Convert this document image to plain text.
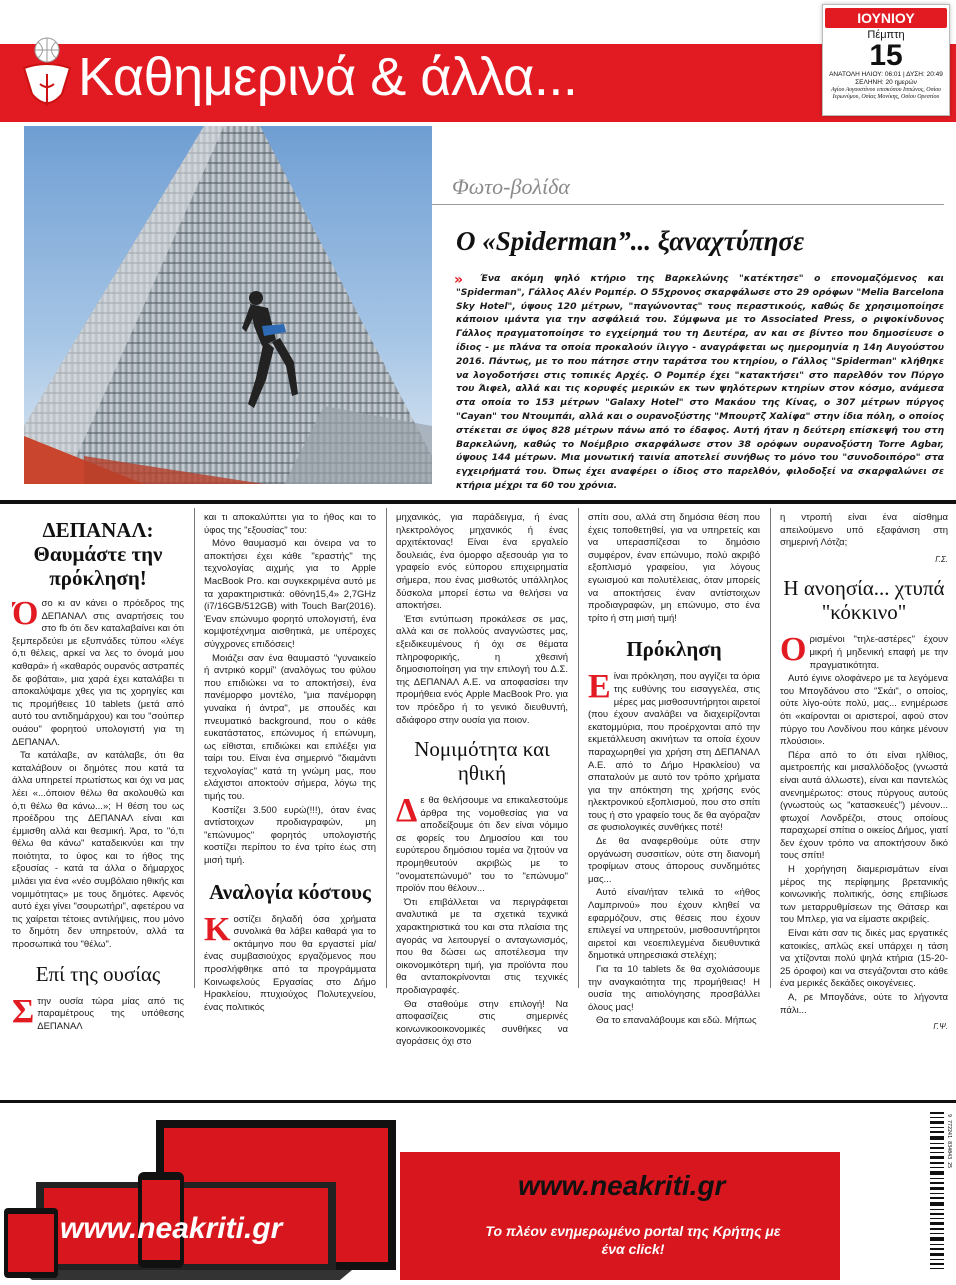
Καθημερινά & άλλα...
ΙΟΥΝΙΟΥ
Πέμπτη
15
ΑΝΑΤΟΛΗ ΗΛΙΟΥ: 06:01 | ΔΥΣΗ: 20:49
ΣΕΛΗΝΗ: 20 ημερών
Αγίου Αυγουστίνου επισκόπου Ιππώνος, Οσίου Ιερωνύμου, Οσίας Μονίκης, Οσίου Ορεστίου
Φωτο-βολίδα
O «Spiderman”... ξαναχτύπησε
»	Ένα ακόμη ψηλό κτήριο της Βαρκελώνης "κατέκτησε" ο επονομαζόμενος και "Spiderman", Γάλλος Αλέν Ρομπέρ. Ο 55χρονος σκαρφάλωσε στο 29 ορόφων "Melia Barcelona Sky Hotel", ύψους 120 μέτρων, "παγώνοντας" τους περαστικούς, καθώς δε χρησιμοποίησε κάποιον ιμάντα για την ασφάλειά του. Σύμφωνα με το Associated Press, ο ριψοκίνδυνος Γάλλος πραγματοποίησε το εγχείρημά του τη Δευτέρα, αν και σε βίντεο που δημοσίευσε ο ίδιος - με πλάνα τα οποία προκαλούν ίλιγγο - αναγράφεται ως ημερομηνία η 14η Αυγούστου 2016. Πάντως, με το που πάτησε στην ταράτσα του κτηρίου, ο Γάλλος "Spiderman" κλήθηκε να λογοδοτήσει στις τοπικές Αρχές. Ο Ρομπέρ έχει "κατακτήσει" στο παρελθόν τον Πύργο του Άιφελ, αλλά και τις κορυφές μερικών εκ των ψηλότερων κτηρίων στον κόσμο, ανάμεσα στα οποία το 153 μέτρων "Galaxy Hotel" στο Μακάου της Κίνας, ο 307 μέτρων πύργος "Cayan" του Ντουμπάι, αλλά και ο ουρανοξύστης "Μπουρτζ Χαλίφα" στην ίδια πόλη, ο οποίος στέκεται σε ύψος 828 μέτρων πάνω από το έδαφος. Αυτή ήταν η δεύτερη επίσκεψή του στη Βαρκελώνη, καθώς το Νοέμβριο σκαρφάλωσε στον 38 ορόφων ουρανοξύστη Torre Agbar, ύψους 144 μέτρων. Μια μονωτική ταινία αποτελεί συνήθως το μόνο του "συνοδοιπόρο" στα εγχειρήματά του. Όπως έχει αναφέρει ο ίδιος στο παρελθόν, φιλοδοξεί να σκαρφαλώνει σε κτήρια μέχρι τα 60 του χρόνια.
ΔΕΠΑΝΑΛ: Θαυμάστε την πρόκληση!

Όσο κι αν κάνει ο πρόεδρος της ΔΕΠΑΝΑΛ στις αναρτήσεις του στο fb ότι δεν καταλαβαίνει και ότι ξεμπερδεύει με εξυπνάδες τύπου «λέγε ό,τι θέλεις, αρκεί να λες το όνομά μου καθαρά» ή «καθαρός ουρανός αστραπές δε φοβάται», μια χαρά έχει καταλάβει τι αποκαλύψαμε χθες για τις χορηγίες και τις προμήθειες 10 tablets (μετά από αυτό του αντιδημάρχου) και του "σούπερ ουάου" φορητού υπολογιστή για τη ΔΕΠΑΝΑΛ.

Τα κατάλαβε, αν κατάλαβε, ότι θα καταλάβουν οι δημότες που κατά τα άλλα υπηρετεί πρωτίστως και όχι να μας λέει «...όποιον θέλω θα ακολουθώ και ό,τι θέλω θα κάνω...»; Η θέση του ως προέδρου της ΔΕΠΑΝΑΛ είναι και έμμισθη αλλά και θεσμική. Άρα, το "ό,τι θέλω θα κάνω" καταδεικνύει και την ποιότητα, το ύφος και το ήθος της εξουσίας - κατά τα άλλα ο δήμαρχος μιλάει για ένα «νέο συμβόλαιο ηθικής και νομιμότητας» με τους δημότες. Αφενός αυτό έχει γίνει "σουρωτήρι", αφετέρου να τις χαίρεται τέτοιες αντιλήψεις, που μόνο το δημότη δεν υπηρετούν, αλλά τα προσωπικά του "θέλω".

Επί της ουσίας

Στην ουσία τώρα μίας από τις παραμέτρους της υπόθεσης ΔΕΠΑΝΑΛ

και τι αποκαλύπτει για το ήθος και το ύφος της "εξουσίας" του:

Μόνο θαυμασμό και όνειρα να το αποκτήσει έχει κάθε "εραστής" της τεχνολογίας αιχμής για το Apple MacBook Pro. και συγκεκριμένα αυτό με τα χαρακτηριστικά: οθόνη15,4» 2,7GHz (i7/16GB/512GB) with Touch Bar(2016). Έναν επώνυμο φορητό υπολογιστή, ένα κομψοτέχνημα αισθητικά, με υπέροχες σύγχρονες επιδόσεις!

Μοιάζει σαν ένα θαυμαστό "γυναικείο ή αντρικό κορμί" (αναλόγως του φύλου που επιδιώκει να το αποκτήσει), ένα πανέμορφο μοντέλο, "μια πανέμορφη γυναίκα ή άντρα", με σπουδές και πνευματικό background, που ο κάθε ευκατάστατος, επώνυμος ή επώνυμη, ως είθισται, επιδιώκει και επιλέξει για ταίρι του. Είναι ένα σημερινό "διαμάντι τεχνολογίας" κατά τη γνώμη μας, που ελάχιστοι αποκτούν σήμερα, λόγω της τιμής του.

Κοστίζει 3.500 ευρώ(!!!), όταν ένας αντίστοιχων προδιαγραφών, μη "επώνυμος" φορητός υπολογιστής κοστίζει περίπου το ένα τρίτο έως στη μισή τιμή.

Αναλογία κόστους

Κοστίζει δηλαδή όσα χρήματα συνολικά θα λάβει καθαρά για το οκτάμηνο που θα εργαστεί μία/ένας συμβασιούχος εργαζόμενος που προσλήφθηκε από τα προγράμματα Κοινωφελούς Εργασίας στο Δήμο Ηρακλείου, πτυχιούχος Πολυτεχνείου, ένας πολιτικός

μηχανικός, για παράδειγμα, ή ένας ηλεκτρολόγος μηχανικός ή ένας αρχιτέκτονας! Είναι ένα εργαλείο δουλειάς, ένα όμορφο αξεσουάρ για το γραφείο ενός εύπορου επιχειρηματία σήμερα, που ένας μισθωτός υπάλληλος δύσκολα μπορεί έστω να θελήσει να αποκτήσει.

Έτσι εντύπωση προκάλεσε σε μας, αλλά και σε πολλούς αναγνώστες μας, εξειδικευμένους ή όχι σε θέματα πληροφορικής, η χθεσινή δημοσιοποίηση για την επιλογή του Δ.Σ. της ΔΕΠΑΝΑΛ Α.Ε. να αποφασίσει την προμήθεια ενός Apple MacBook Pro. για τον πρόεδρο ή το γενικό διευθυντή, αδιάφορο στην ουσία για ποιον.

Νομιμότητα και ηθική

Δε θα θελήσουμε να επικαλεστούμε άρθρα της νομοθεσίας για να αποδείξουμε ότι δεν είναι νόμιμο σε φορείς του Δημοσίου και του ευρύτερου δημόσιου τομέα να ζητούν να προμηθευτούν ακριβώς με το "ονοματεπώνυμό" του το "επώνυμο" προϊόν που θέλουν...

Ότι επιβάλλεται να περιγράφεται αναλυτικά με τα σχετικά τεχνικά χαρακτηριστικά του και στα πλαίσια της αγοράς να λειτουργεί ο ανταγωνισμός, που θα δώσει ως αποτέλεσμα την οικονομικότερη τιμή, για προϊόντα που θα ανταποκρίνονται στις τεχνικές προδιαγραφές.

Θα σταθούμε στην επιλογή! Να αποφασίζεις στις σημερινές κοινωνικοοικονομικές συνθήκες να αγοράσεις όχι στο

σπίτι σου, αλλά στη δημόσια θέση που έχεις τοποθετηθεί, για να υπηρετείς και να υπερασπίζεσαι το δημόσιο συμφέρον, έναν επώνυμο, πολύ ακριβό εξοπλισμό γραφείου, για λόγους εγωισμού και πολυτέλειας, όταν μπορείς να αποκτήσεις έναν αντίστοιχων προδιαγραφών, μη επώνυμο, στο ένα τρίτο ή στη μισή τιμή!

Πρόκληση

Είναι πρόκληση, που αγγίζει τα όρια της ευθύνης του εισαγγελέα, στις μέρες μας μισθοσυντήρητοι αιρετοί (που έχουν αναλάβει να διαχειρίζονται εκατομμύρια, που προέρχονται από την εκμετάλλευση ακινήτων τα οποία έχουν παραχωρηθεί για χρήση στη ΔΕΠΑΝΑΛ Α.Ε. από το Δήμο Ηρακλείου) να σπαταλούν με αυτό τον τρόπο χρήματα για την απόκτηση της χρήσης ενός ηλεκτρονικού εξοπλισμού, που στο σπίτι τους ή στο γραφείο τους δε θα αγόραζαν σε φυσιολογικές συνθήκες ποτέ!

Δε θα αναφερθούμε ούτε στην οργάνωση συσσιτίων, ούτε στη διανομή τροφίμων στους άπορους συνδημότες μας...

Αυτό είναι/ήταν τελικά το «ήθος Λαμπρινού» που έχουν κληθεί να εφαρμόζουν, στις θέσεις που έχουν επιλεγεί να υπηρετούν, μισθοσυντήρητοι αιρετοί και νεοεπιλεγμένα διευθυντικά δημοτικά υπηρεσιακά στελέχη;

Για τα 10 tablets δε θα σχολιάσουμε την αναγκαιότητα της προμήθειας! Η ουσία της αιτιολόγησης προσβάλλει όλους μας!

Θα το επαναλάβουμε και εδώ. Μήπως

η ντροπή είναι ένα αίσθημα απειλούμενο υπό εξαφάνιση στη σημερινή Λότζα;

Γ.Σ.
Η ανοησία... χτυπά "κόκκινο"

Ορισμένοι "τηλε-αστέρες" έχουν μικρή ή μηδενική επαφή με την πραγματικότητα.

Αυτό έγινε ολοφάνερο με τα λεγόμενα του Μπογδάνου στο "Σκάι", ο οποίος, ούτε λίγο-ούτε πολύ, μας... ενημέρωσε ότι «καίρονται οι αριστεροί, αφού στον πύργο του Λονδίνου που κάηκε μένουν πλούσιοι».

Πέρα από το ότι είναι ηλίθιος, αμετροεπής και μισαλλόδοξος (γνωστά είναι αυτά άλλωστε), είναι και παντελώς ανενημέρωτος: στους πύργους αυτούς (γνωστούς ως "κατασκευές") μένουν... φτωχοί Λονδρέζοι, στους οποίους παραχωρεί σπίτια ο οικείος Δήμος, γιατί δεν έχουν τρόπο να αποκτήσουν δικό τους σπίτι!

Η χορήγηση διαμερισμάτων είναι μέρος της περίφημης βρετανικής κοινωνικής πολιτικής, όσης επιβίωσε των μεταρρυθμίσεων της Θάτσερ και του Μπλερ, για να είμαστε ακριβείς.

Είναι κάτι σαν τις δικές μας εργατικές κατοικίες, απλώς εκεί υπάρχει η τάση να χτίζονται πολύ ψηλά κτήρια (15-20-25 όροφοι) και να στεγάζονται στο κάθε ένα μερικές δεκάδες οικογένειες.

Α, ρε Μπογδάνε, ούτε το λήγοντα πάλι...

Γ.Ψ.
www.neakriti.gr
www.neakriti.gr
Το πλέον ενημερωμένο portal της Κρήτης με ένα click!
9 772241 834043 25
